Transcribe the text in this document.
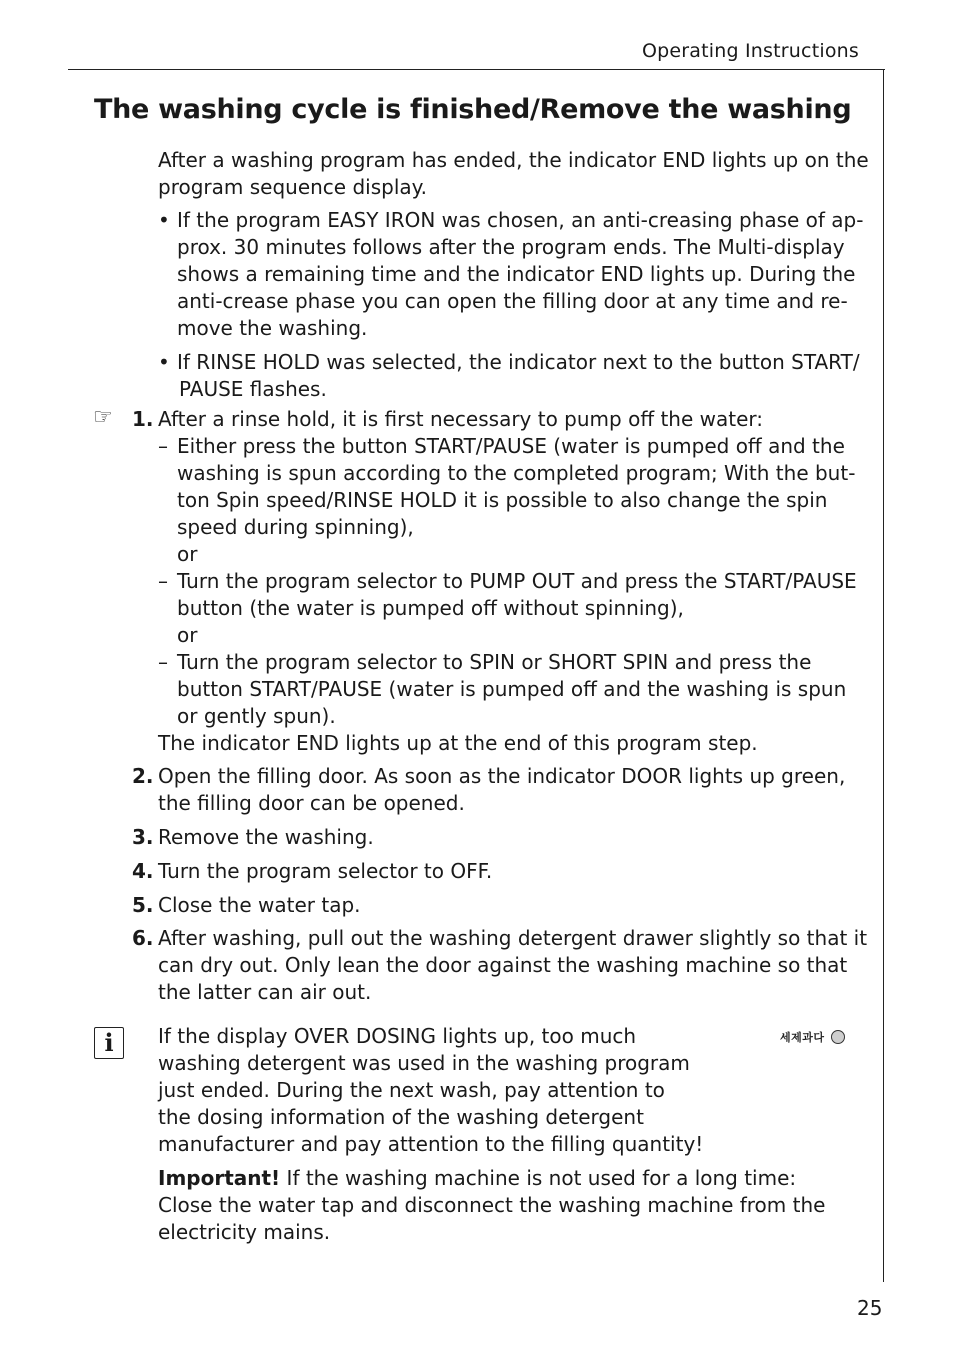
Operating Instructions
The washing cycle is finished/Remove the washing
After a washing program has ended, the indicator END lights up on the
program sequence display.
• If the program EASY IRON was chosen, an anti-creasing phase of ap-
prox. 30 minutes follows after the program ends. The Multi-display
shows a remaining time and the indicator END lights up. During the
anti-crease phase you can open the filling door at any time and re-
move the washing.
• If RINSE HOLD was selected, the indicator next to the button START/
PAUSE flashes.
☞ 1. After a rinse hold, it is first necessary to pump off the water:
– Either press the button START/PAUSE (water is pumped off and the
washing is spun according to the completed program; With the but-
ton Spin speed/RINSE HOLD it is possible to also change the spin
speed during spinning),
or
– Turn the program selector to PUMP OUT and press the START/PAUSE
button (the water is pumped off without spinning),
or
– Turn the program selector to SPIN or SHORT SPIN and press the
button START/PAUSE (water is pumped off and the washing is spun
or gently spun).
The indicator END lights up at the end of this program step.
2. Open the filling door. As soon as the indicator DOOR lights up green,
the filling door can be opened.
3. Remove the washing.
4. Turn the program selector to OFF.
5. Close the water tap.
6. After washing, pull out the washing detergent drawer slightly so that it
can dry out. Only lean the door against the washing machine so that
the latter can air out.
i	세제과다
If the display OVER DOSING lights up, too much
washing detergent was used in the washing program
just ended. During the next wash, pay attention to
the dosing information of the washing detergent
manufacturer and pay attention to the filling quantity!
Important! If the washing machine is not used for a long time:
Close the water tap and disconnect the washing machine from the
electricity mains.
25
